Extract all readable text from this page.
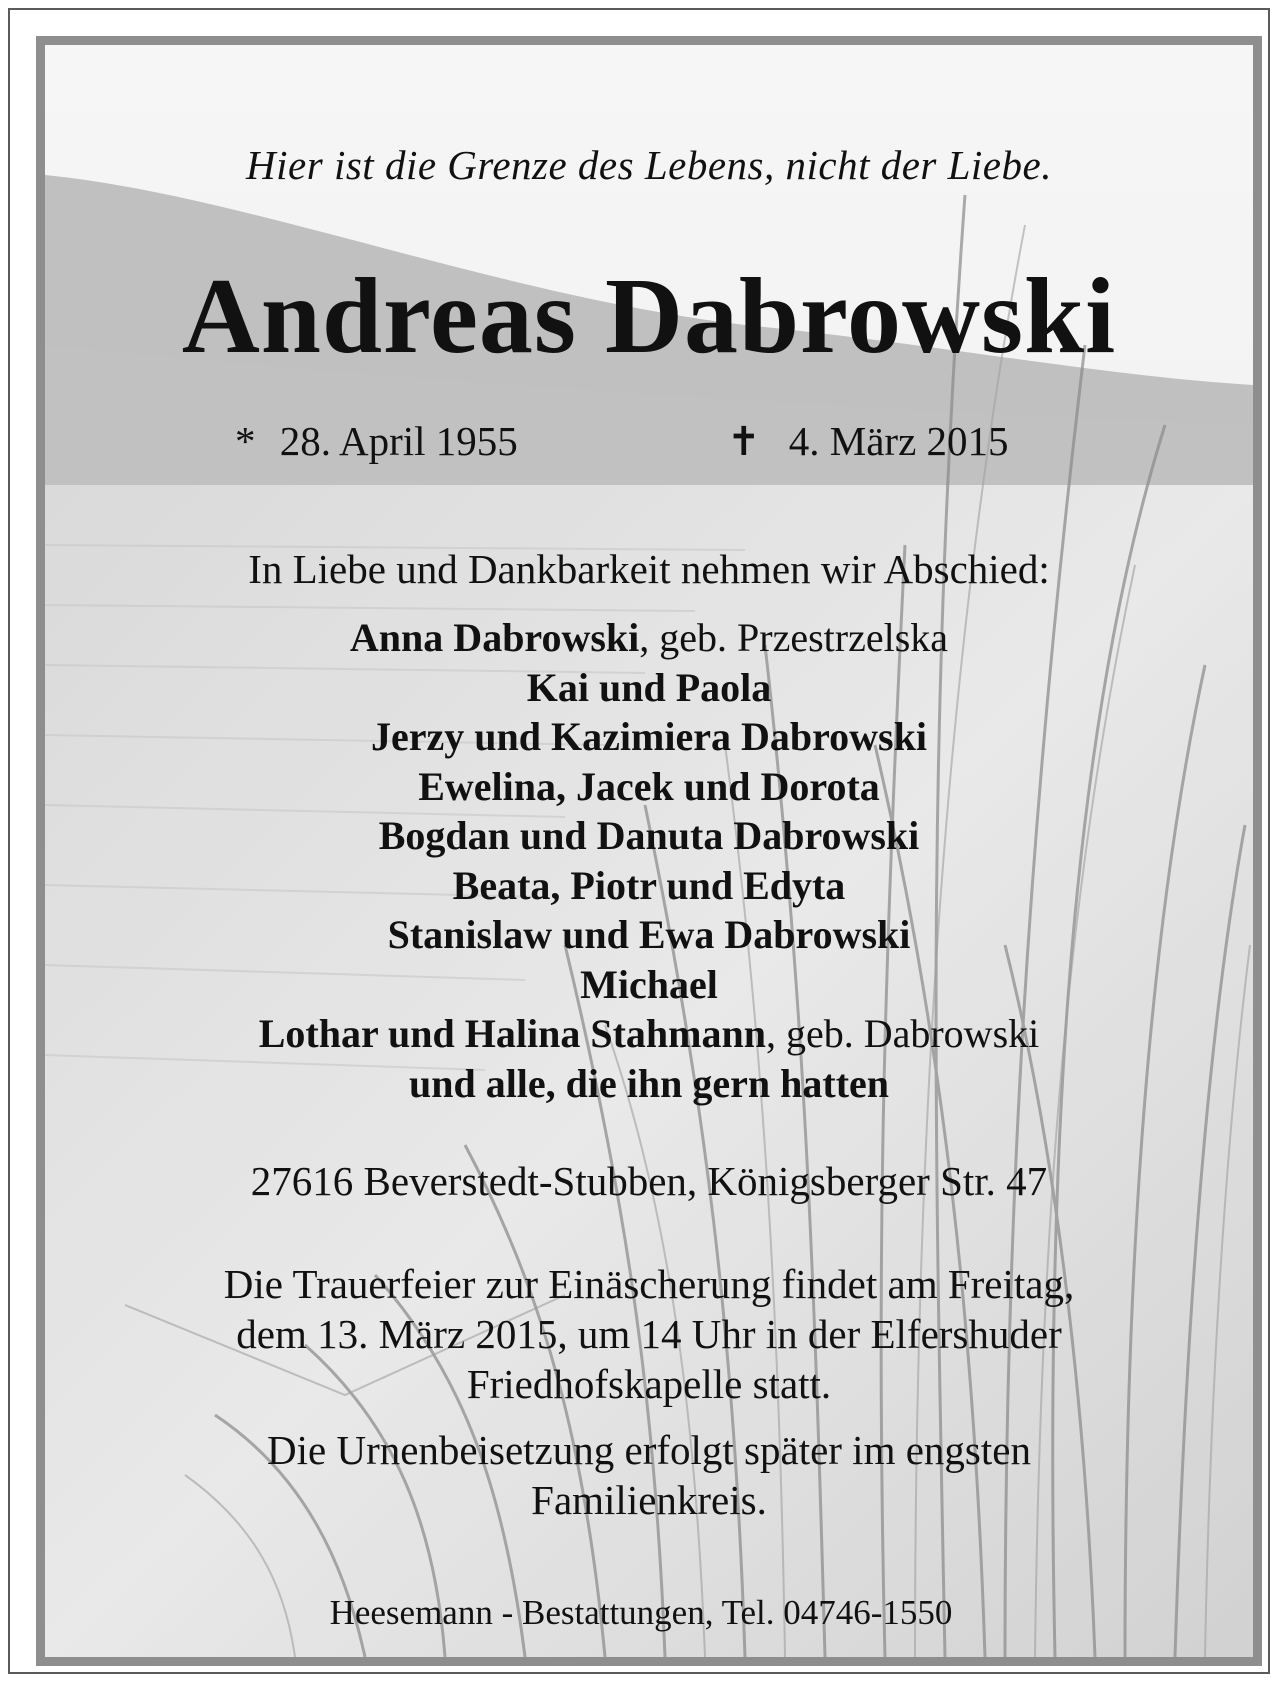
Hier ist die Grenze des Lebens, nicht der Liebe.
Andreas Dabrowski
* 28. April 1955	✝ 4. März 2015
In Liebe und Dankbarkeit nehmen wir Abschied:
Anna Dabrowski, geb. Przestrzelska
Kai und Paola
Jerzy und Kazimiera Dabrowski
Ewelina, Jacek und Dorota
Bogdan und Danuta Dabrowski
Beata, Piotr und Edyta
Stanislaw und Ewa Dabrowski
Michael
Lothar und Halina Stahmann, geb. Dabrowski
und alle, die ihn gern hatten
27616 Beverstedt-Stubben, Königsberger Str. 47
Die Trauerfeier zur Einäscherung findet am Freitag,
dem 13. März 2015, um 14 Uhr in der Elfershuder
Friedhofskapelle statt.
Die Urnenbeisetzung erfolgt später im engsten
Familienkreis.
Heesemann - Bestattungen, Tel. 04746-1550
